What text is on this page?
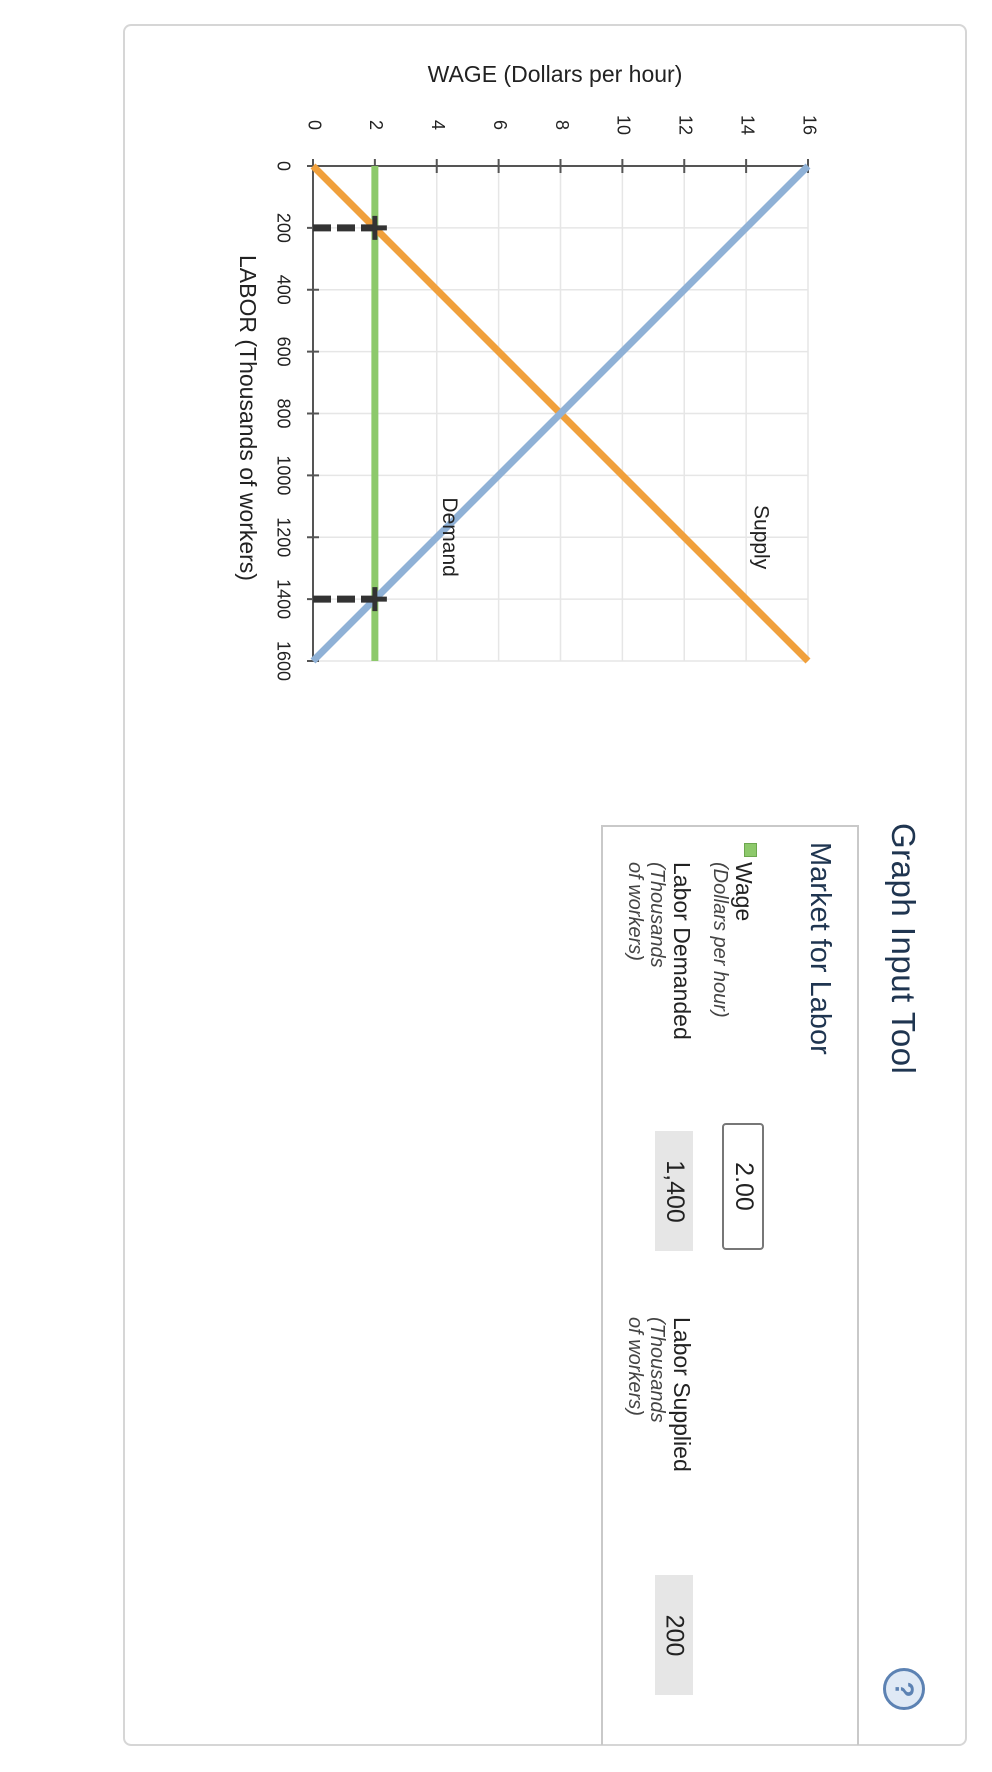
0 2 4 6 8 10 12 14 16
0
200
400
600
800
1000
1200
1400
1600
WAGE (Dollars per hour)
LABOR (Thousands of workers)	Supply
Demand
Graph Input Tool
?
Market for Labor
Wage
(Dollars per hour)
2.00
Labor Demanded
(Thousands of workers)
1,400
Labor Supplied
(Thousands of workers)
200
